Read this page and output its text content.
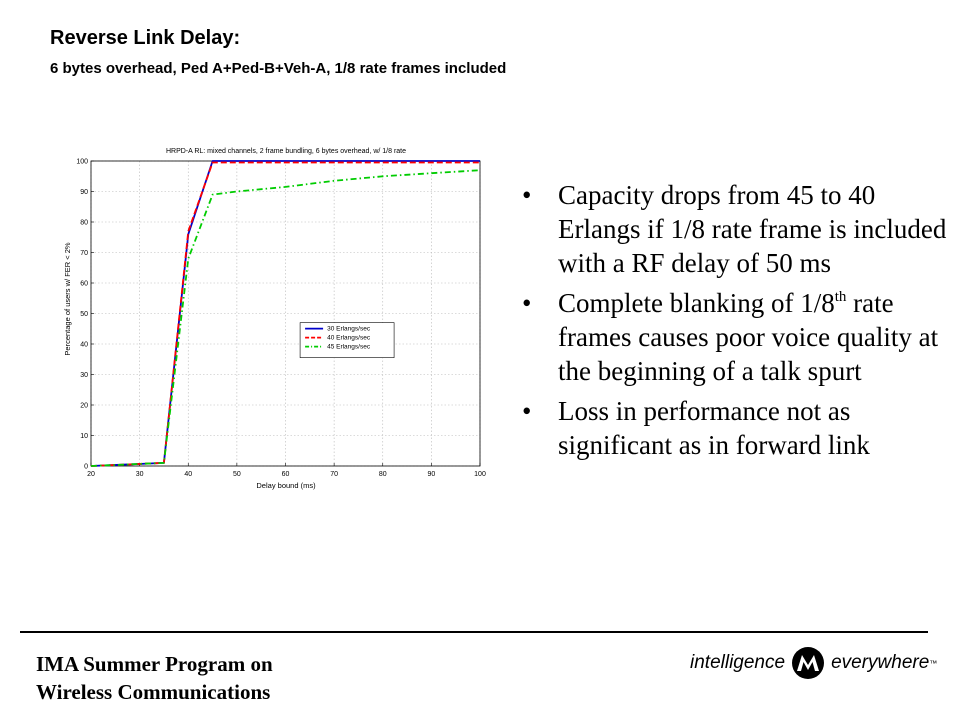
Reverse Link Delay:
6 bytes overhead, Ped A+Ped-B+Veh-A, 1/8 rate frames included
HRPD-A RL: mixed channels, 2 frame bundling, 6 bytes overhead, w/ 1/8 rate
20	30	40	50	60	70	80	90	100
0
10
20
30
40
50
60
70
80
90
100
30 Erlangs/sec
40 Erlangs/sec
45 Erlangs/sec
Delay bound (ms)
Percentage of users w/ FER < 2%
• Capacity drops from 45 to 40 Erlangs if 1/8 rate frame is included with a RF delay of 50 ms
• Complete blanking of 1/8th rate frames causes poor voice quality at the beginning of a talk spurt
• Loss in performance not as significant as in forward link
IMA Summer Program on
Wireless Communications
intelligence everywhere ™
